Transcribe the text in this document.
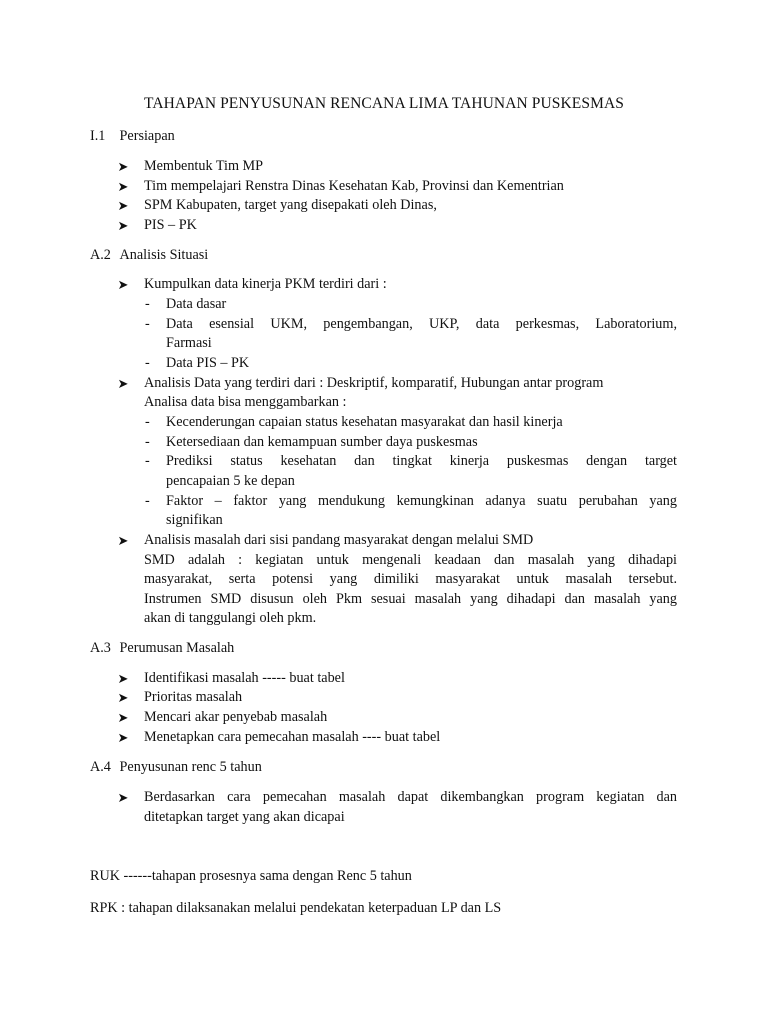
TAHAPAN PENYUSUNAN RENCANA LIMA TAHUNAN PUSKESMAS
I.1 Persiapan
➤ Membentuk Tim MP
➤ Tim mempelajari Renstra Dinas Kesehatan Kab, Provinsi dan Kementrian
➤ SPM Kabupaten, target yang disepakati oleh Dinas,
➤ PIS – PK
A.2 Analisis Situasi
➤ Kumpulkan data kinerja PKM terdiri dari :
- Data dasar
- Data esensial UKM, pengembangan, UKP, data perkesmas, Laboratorium,
Farmasi
- Data PIS – PK
➤ Analisis Data yang terdiri dari : Deskriptif, komparatif, Hubungan antar program
Analisa data bisa menggambarkan :
- Kecenderungan capaian status kesehatan masyarakat dan hasil kinerja
- Ketersediaan dan kemampuan sumber daya puskesmas
- Prediksi status kesehatan dan tingkat kinerja puskesmas dengan target
pencapaian 5 ke depan
- Faktor – faktor yang mendukung kemungkinan adanya suatu perubahan yang
signifikan
➤ Analisis masalah dari sisi pandang masyarakat dengan melalui SMD
SMD adalah : kegiatan untuk mengenali keadaan dan masalah yang dihadapi
masyarakat, serta potensi yang dimiliki masyarakat untuk masalah tersebut.
Instrumen SMD disusun oleh Pkm sesuai masalah yang dihadapi dan masalah yang
akan di tanggulangi oleh pkm.
A.3 Perumusan Masalah
➤ Identifikasi masalah ----- buat tabel
➤ Prioritas masalah
➤ Mencari akar penyebab masalah
➤ Menetapkan cara pemecahan masalah ---- buat tabel
A.4 Penyusunan renc 5 tahun
➤ Berdasarkan cara pemecahan masalah dapat dikembangkan program kegiatan dan
ditetapkan target yang akan dicapai
RUK ------tahapan prosesnya sama dengan Renc 5 tahun
RPK : tahapan dilaksanakan melalui pendekatan keterpaduan LP dan LS
